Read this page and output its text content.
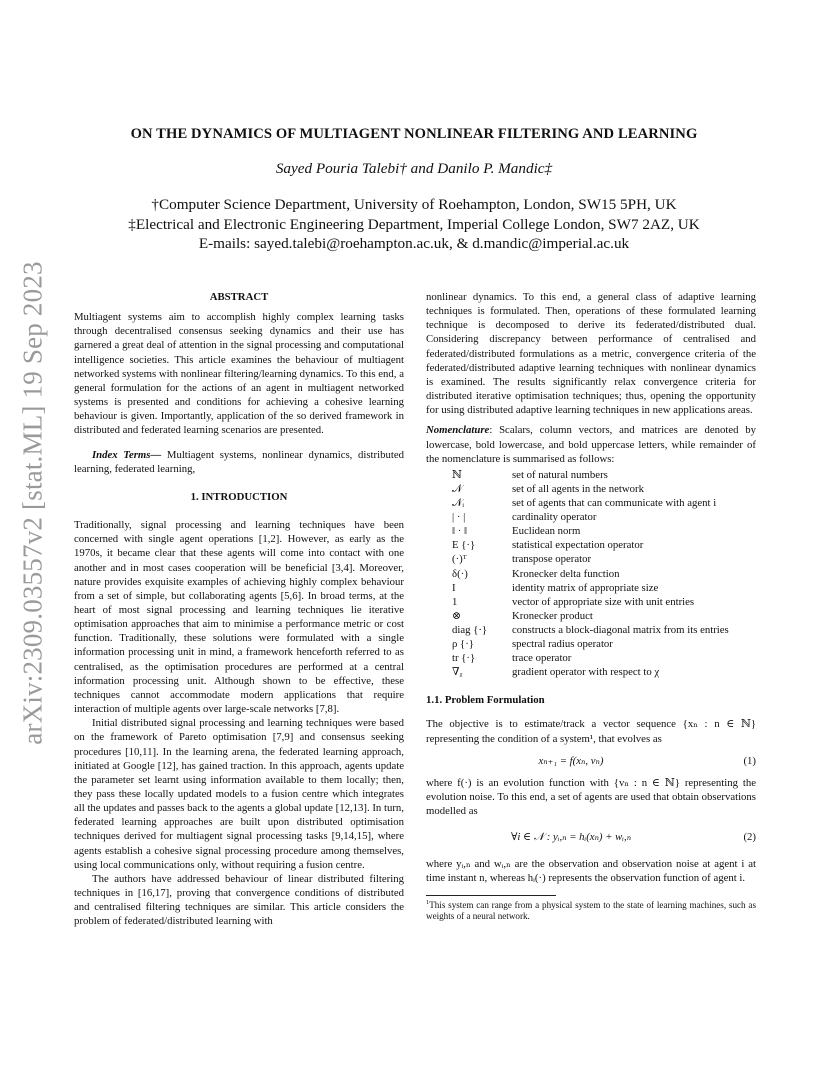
arXiv:2309.03557v2 [stat.ML] 19 Sep 2023
ON THE DYNAMICS OF MULTIAGENT NONLINEAR FILTERING AND LEARNING
Sayed Pouria Talebi† and Danilo P. Mandic‡
†Computer Science Department, University of Roehampton, London, SW15 5PH, UK
‡Electrical and Electronic Engineering Department, Imperial College London, SW7 2AZ, UK
E-mails: sayed.talebi@roehampton.ac.uk, & d.mandic@imperial.ac.uk
ABSTRACT

Multiagent systems aim to accomplish highly complex learning tasks through decentralised consensus seeking dynamics and their use has garnered a great deal of attention in the signal processing and computational intelligence societies. This article examines the behaviour of multiagent networked systems with nonlinear filtering/learning dynamics. To this end, a general formulation for the actions of an agent in multiagent networked systems is presented and conditions for achieving a cohesive learning behaviour is given. Importantly, application of the so derived framework in distributed and federated learning scenarios are presented.

Index Terms— Multiagent systems, nonlinear dynamics, distributed learning, federated learning,

1. INTRODUCTION

Traditionally, signal processing and learning techniques have been concerned with single agent operations [1,2]. However, as early as the 1970s, it became clear that these agents will come into contact with one another and in most cases cooperation will be beneficial [3,4]. Moreover, nature provides exquisite examples of achieving highly complex behaviour from a set of simple, but collaborating agents [5,6]. In broad terms, at the heart of most signal processing and learning techniques lie iterative optimisation approaches that aim to minimise a performance metric or cost function. Traditionally, these solutions were formulated with a single information processing unit in mind, a framework henceforth referred to as centralised, as the optimisation procedures are performed at a central information processing unit. Although shown to be effective, these techniques cannot accommodate modern applications that require interaction of multiple agents over large-scale networks [7,8].

Initial distributed signal processing and learning techniques were based on the framework of Pareto optimisation [7,9] and consensus seeking procedures [10,11]. In the learning arena, the federated learning approach, initiated at Google [12], has gained traction. In this approach, agents update the parameter set learnt using information available to them locally; then, they pass these locally updated models to a fusion centre which integrates all the updates and passes back to the agents a global update [12,13]. In turn, federated learning approaches are built upon distributed optimisation techniques derived for multiagent signal processing tasks [9,14,15], where agents establish a cohesive signal processing procedure among themselves, using local communications only, without requiring a fusion centre.

The authors have addressed behaviour of linear distributed filtering techniques in [16,17], proving that convergence conditions of distributed and centralised filtering techniques are similar. This article considers the problem of federated/distributed learning with

nonlinear dynamics. To this end, a general class of adaptive learning techniques is formulated. Then, operations of these formulated learning technique is decomposed to derive its federated/distributed dual. Considering discrepancy between performance of centralised and federated/distributed formulations as a metric, convergence criteria of the federated/distributed adaptive learning techniques with nonlinear dynamics is examined. The results significantly relax convergence criteria for distributed iterative optimisation techniques; thus, opening the opportunity for using distributed adaptive learning techniques in new applications areas.

Nomenclature: Scalars, column vectors, and matrices are denoted by lowercase, bold lowercase, and bold uppercase letters, while remainder of the nomenclature is summarised as follows:

ℕ	set of natural numbers
𝒩	set of all agents in the network
𝒩ᵢ	set of agents that can communicate with agent i
| · |	cardinality operator
‖ · ‖	Euclidean norm
E {·}	statistical expectation operator
(·)ᵀ	transpose operator
δ(·)	Kronecker delta function
I	identity matrix of appropriate size
1	vector of appropriate size with unit entries
⊗	Kronecker product
diag {·}	constructs a block-diagonal matrix from its entries
ρ {·}	spectral radius operator
tr {·}	trace operator
∇ᵪ	gradient operator with respect to χ
1.1. Problem Formulation

The objective is to estimate/track a vector sequence {xₙ : n ∈ ℕ} representing the condition of a system¹, that evolves as

xₙ₊₁ = f(xₙ, vₙ)	(1)

where f(·) is an evolution function with {vₙ : n ∈ ℕ} representing the evolution noise. To this end, a set of agents are used that obtain observations modelled as

∀i ∈ 𝒩 : yᵢ,ₙ = hᵢ(xₙ) + wᵢ,ₙ	(2)

where yᵢ,ₙ and wᵢ,ₙ are the observation and observation noise at agent i at time instant n, whereas hᵢ(·) represents the observation function of agent i.

$^1$This system can range from a physical system to the state of learning machines, such as weights of a neural network.
